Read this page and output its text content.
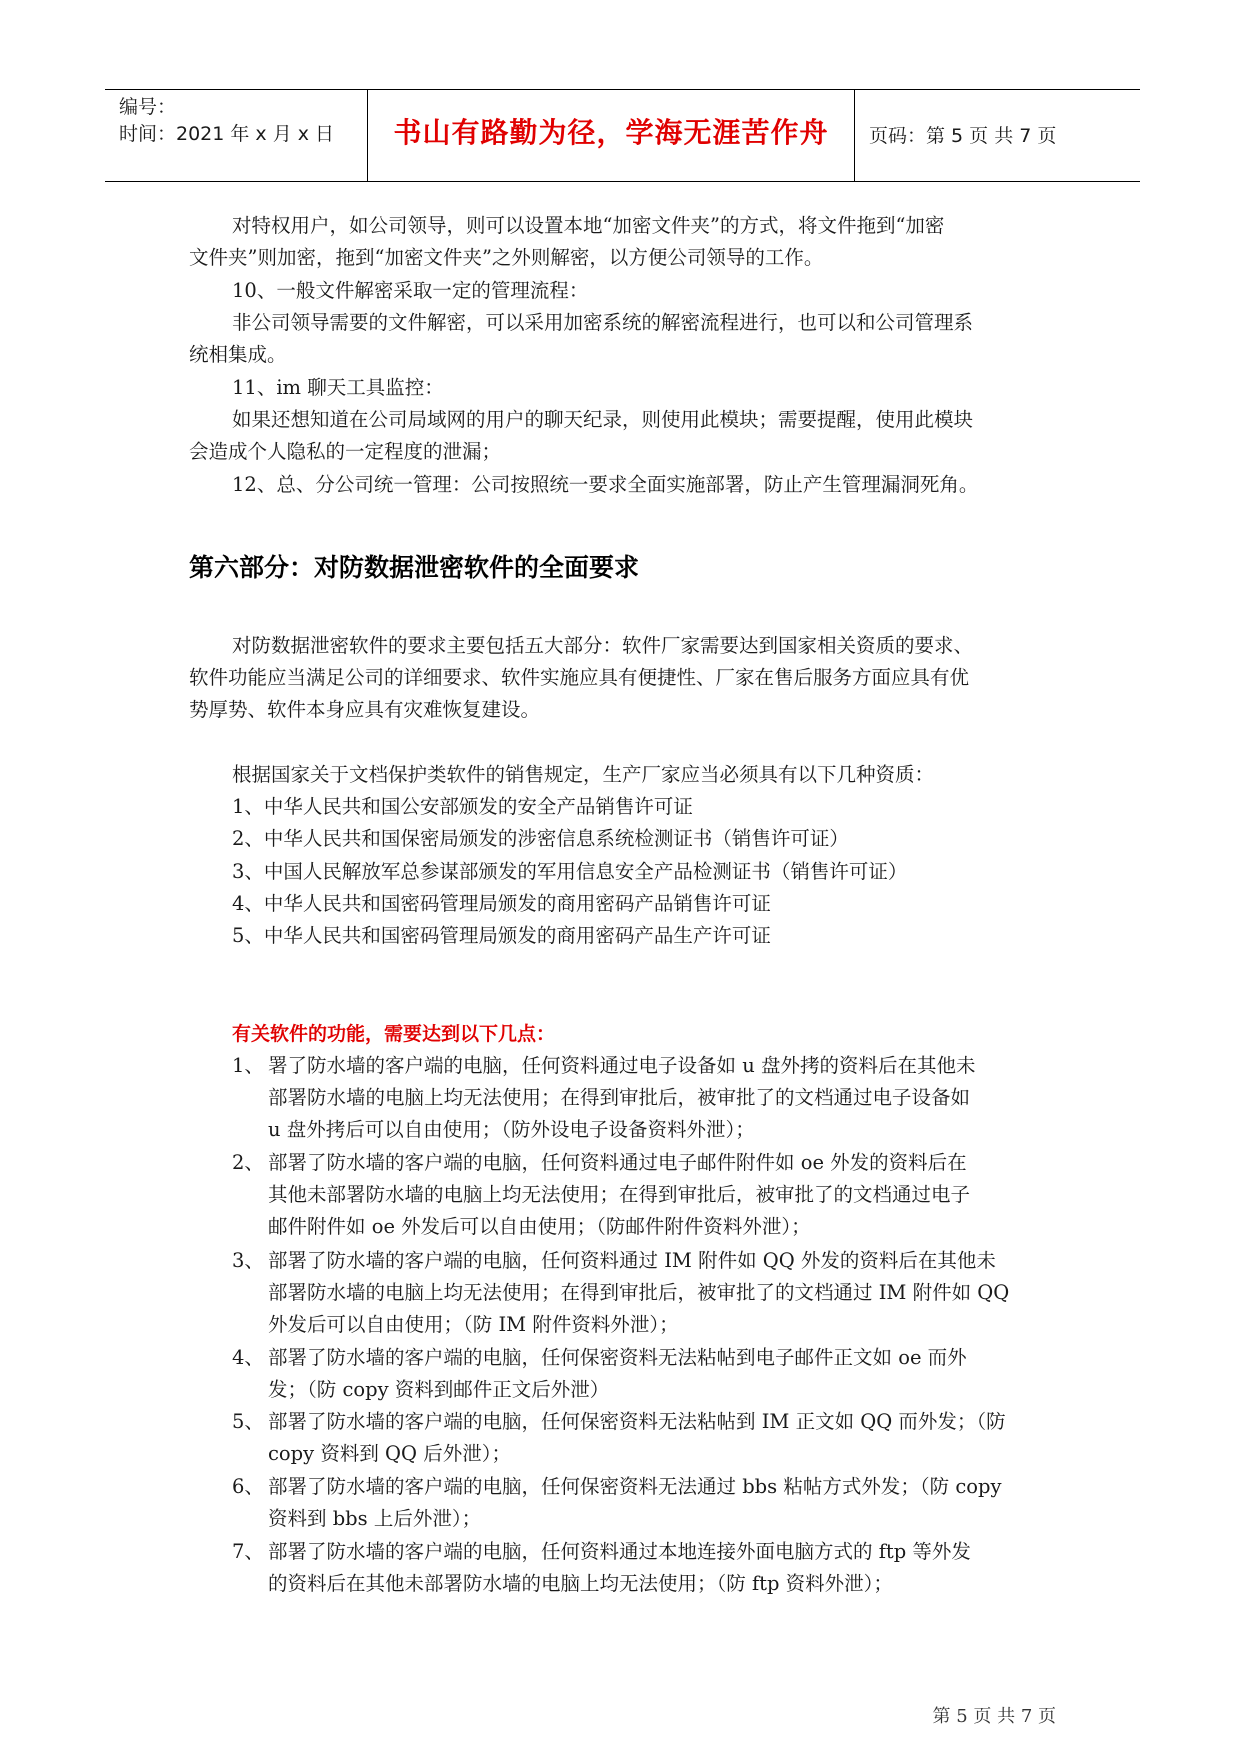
编号：
时间：2021 年 x 月 x 日	书山有路勤为径，学海无涯苦作舟	页码：第 5 页 共 7 页
对特权用户，如公司领导，则可以设置本地“加密文件夹”的方式，将文件拖到“加密
文件夹”则加密，拖到“加密文件夹”之外则解密，以方便公司领导的工作。
10、一般文件解密采取一定的管理流程：
非公司领导需要的文件解密，可以采用加密系统的解密流程进行，也可以和公司管理系
统相集成。
11、im 聊天工具监控：
如果还想知道在公司局域网的用户的聊天纪录，则使用此模块；需要提醒，使用此模块
会造成个人隐私的一定程度的泄漏；
12、总、分公司统一管理：公司按照统一要求全面实施部署，防止产生管理漏洞死角。
第六部分：对防数据泄密软件的全面要求
对防数据泄密软件的要求主要包括五大部分：软件厂家需要达到国家相关资质的要求、
软件功能应当满足公司的详细要求、软件实施应具有便捷性、厂家在售后服务方面应具有优
势厚势、软件本身应具有灾难恢复建设。
根据国家关于文档保护类软件的销售规定，生产厂家应当必须具有以下几种资质：
1、中华人民共和国公安部颁发的安全产品销售许可证
2、中华人民共和国保密局颁发的涉密信息系统检测证书（销售许可证）
3、中国人民解放军总参谋部颁发的军用信息安全产品检测证书（销售许可证）
4、中华人民共和国密码管理局颁发的商用密码产品销售许可证
5、中华人民共和国密码管理局颁发的商用密码产品生产许可证
有关软件的功能，需要达到以下几点：
1、 署了防水墙的客户端的电脑，任何资料通过电子设备如 u 盘外拷的资料后在其他未
部署防水墙的电脑上均无法使用；在得到审批后，被审批了的文档通过电子设备如
u 盘外拷后可以自由使用；（防外设电子设备资料外泄）；
2、 部署了防水墙的客户端的电脑，任何资料通过电子邮件附件如 oe 外发的资料后在
其他未部署防水墙的电脑上均无法使用；在得到审批后，被审批了的文档通过电子
邮件附件如 oe 外发后可以自由使用；（防邮件附件资料外泄）；
3、 部署了防水墙的客户端的电脑，任何资料通过 IM 附件如 QQ 外发的资料后在其他未
部署防水墙的电脑上均无法使用；在得到审批后，被审批了的文档通过 IM 附件如 QQ
外发后可以自由使用；（防 IM 附件资料外泄）；
4、 部署了防水墙的客户端的电脑，任何保密资料无法粘帖到电子邮件正文如 oe 而外
发；（防 copy 资料到邮件正文后外泄）
5、 部署了防水墙的客户端的电脑，任何保密资料无法粘帖到 IM 正文如 QQ 而外发；（防
copy 资料到 QQ 后外泄）；
6、 部署了防水墙的客户端的电脑，任何保密资料无法通过 bbs 粘帖方式外发；（防 copy
资料到 bbs 上后外泄）；
7、 部署了防水墙的客户端的电脑，任何资料通过本地连接外面电脑方式的 ftp 等外发
的资料后在其他未部署防水墙的电脑上均无法使用；（防 ftp 资料外泄）；
第 5 页 共 7 页
